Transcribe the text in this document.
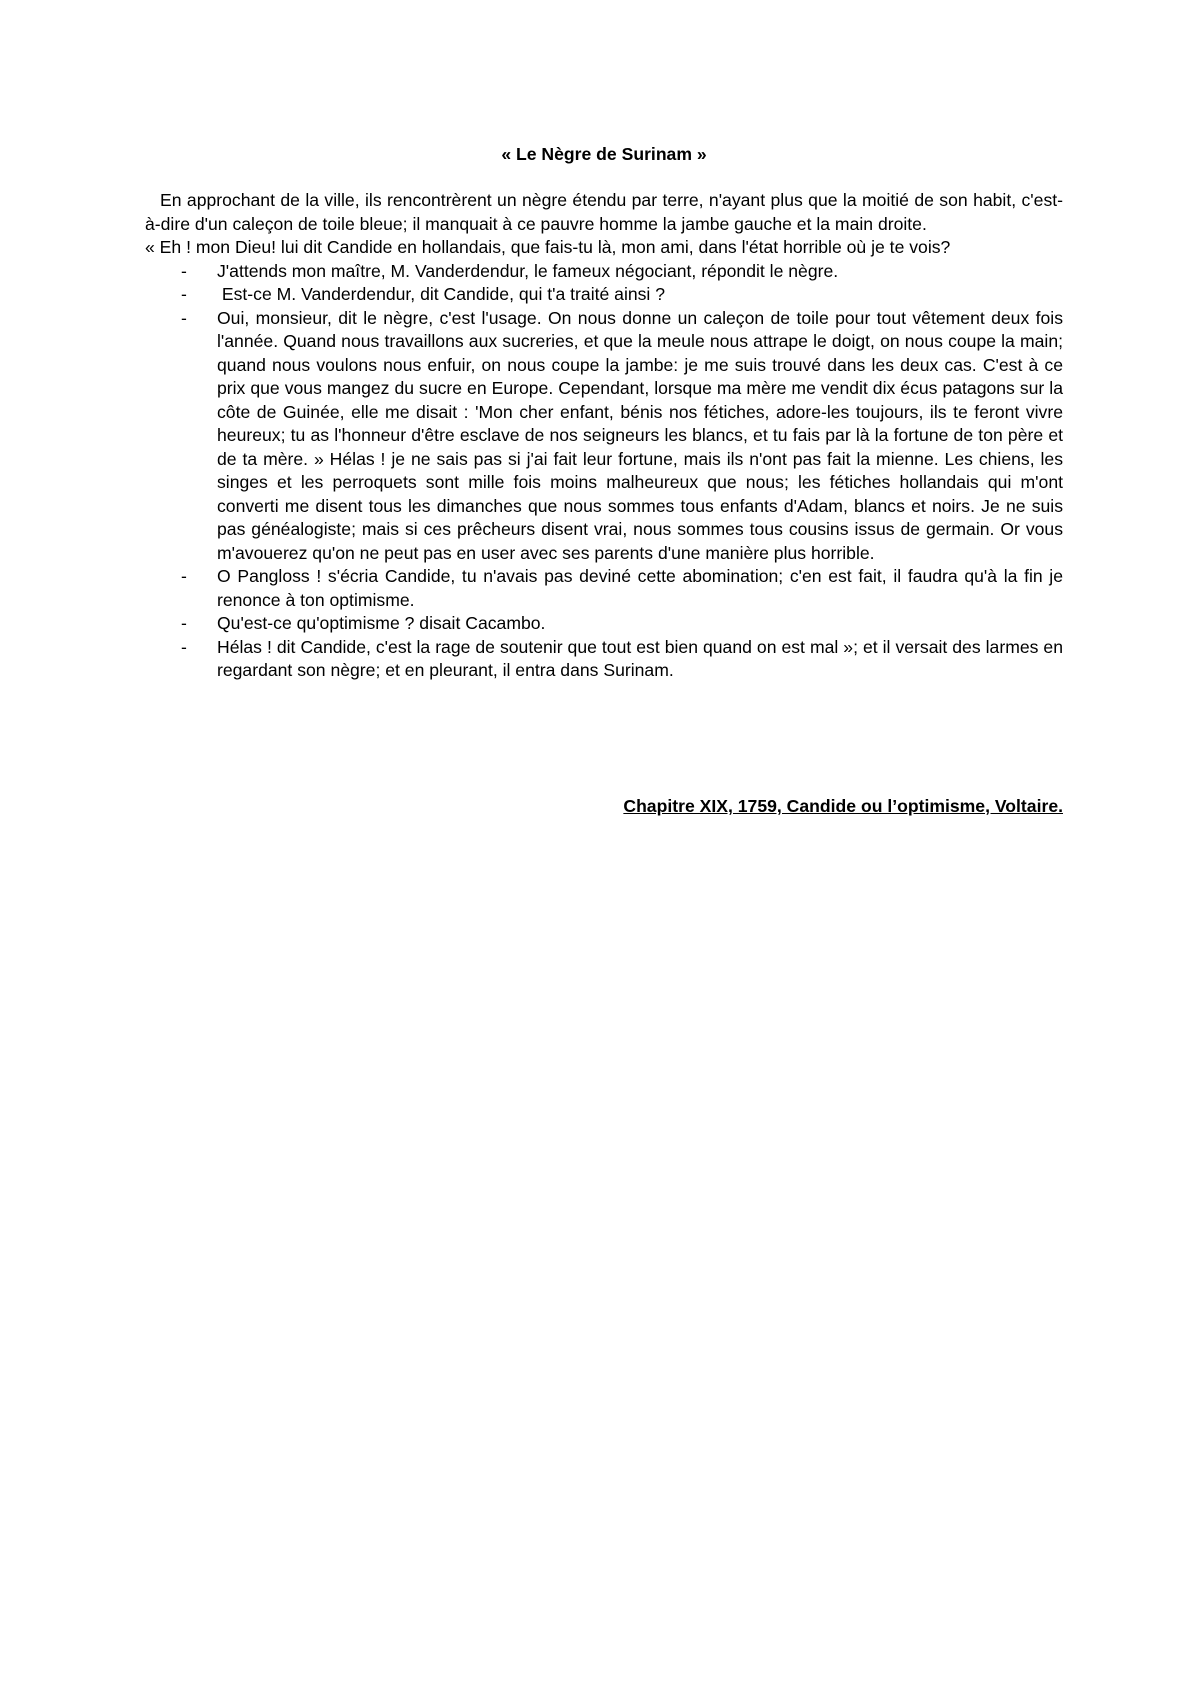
« Le Nègre de Surinam »

En approchant de la ville, ils rencontrèrent un nègre étendu par terre, n'ayant plus que la moitié de son habit, c'est-à-dire d'un caleçon de toile bleue; il manquait à ce pauvre homme la jambe gauche et la main droite.

« Eh ! mon Dieu! lui dit Candide en hollandais, que fais-tu là, mon ami, dans l'état horrible où je te vois?

- J'attends mon maître, M. Vanderdendur, le fameux négociant, répondit le nègre.
- Est-ce M. Vanderdendur, dit Candide, qui t'a traité ainsi ?
- Oui, monsieur, dit le nègre, c'est l'usage. On nous donne un caleçon de toile pour tout vêtement deux fois l'année. Quand nous travaillons aux sucreries, et que la meule nous attrape le doigt, on nous coupe la main; quand nous voulons nous enfuir, on nous coupe la jambe: je me suis trouvé dans les deux cas. C'est à ce prix que vous mangez du sucre en Europe. Cependant, lorsque ma mère me vendit dix écus patagons sur la côte de Guinée, elle me disait : 'Mon cher enfant, bénis nos fétiches, adore-les toujours, ils te feront vivre heureux; tu as l'honneur d'être esclave de nos seigneurs les blancs, et tu fais par là la fortune de ton père et de ta mère. » Hélas ! je ne sais pas si j'ai fait leur fortune, mais ils n'ont pas fait la mienne. Les chiens, les singes et les perroquets sont mille fois moins malheureux que nous; les fétiches hollandais qui m'ont converti me disent tous les dimanches que nous sommes tous enfants d'Adam, blancs et noirs. Je ne suis pas généalogiste; mais si ces prêcheurs disent vrai, nous sommes tous cousins issus de germain. Or vous m'avouerez qu'on ne peut pas en user avec ses parents d'une manière plus horrible.
- O Pangloss ! s'écria Candide, tu n'avais pas deviné cette abomination; c'en est fait, il faudra qu'à la fin je renonce à ton optimisme.
- Qu'est-ce qu'optimisme ? disait Cacambo.
- Hélas ! dit Candide, c'est la rage de soutenir que tout est bien quand on est mal »; et il versait des larmes en regardant son nègre; et en pleurant, il entra dans Surinam.

Chapitre XIX, 1759, Candide ou l’optimisme, Voltaire.
